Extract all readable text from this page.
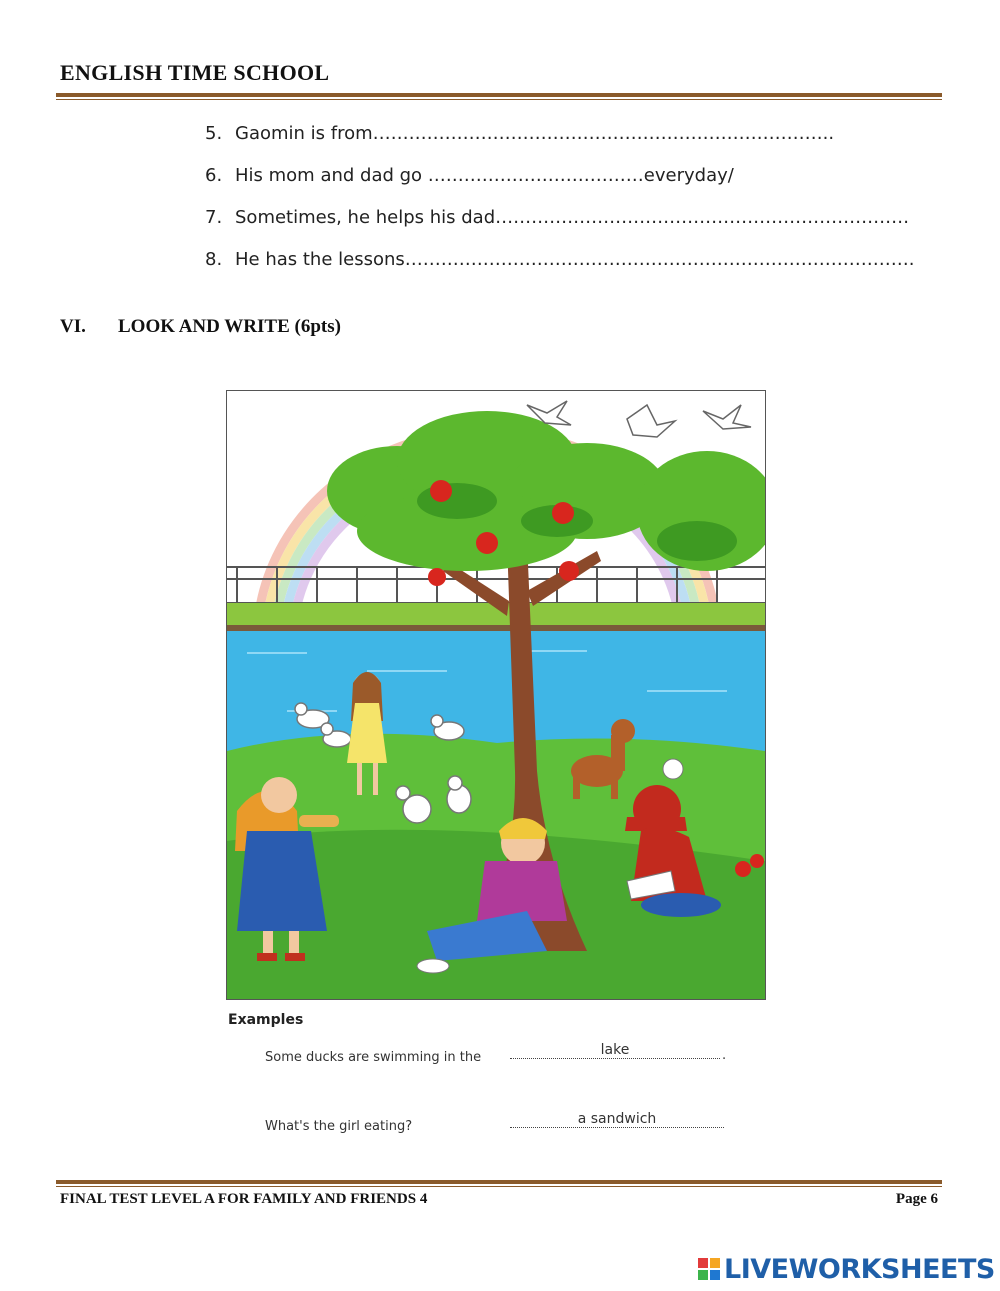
ENGLISH TIME SCHOOL
5. Gaomin is from…………………………………………………………………..
6. His mom and dad go ………………………………everyday/
7. Sometimes, he helps his dad……………………………………………………………
8. He has the lessons………………………………………………………………………….
VI. LOOK AND WRITE (6pts)
Examples
Some ducks are swimming in the	lake	.
What's the girl eating?	a sandwich
FINAL TEST LEVEL A FOR FAMILY AND FRIENDS 4	Page 6
LIVEWORKSHEETS
